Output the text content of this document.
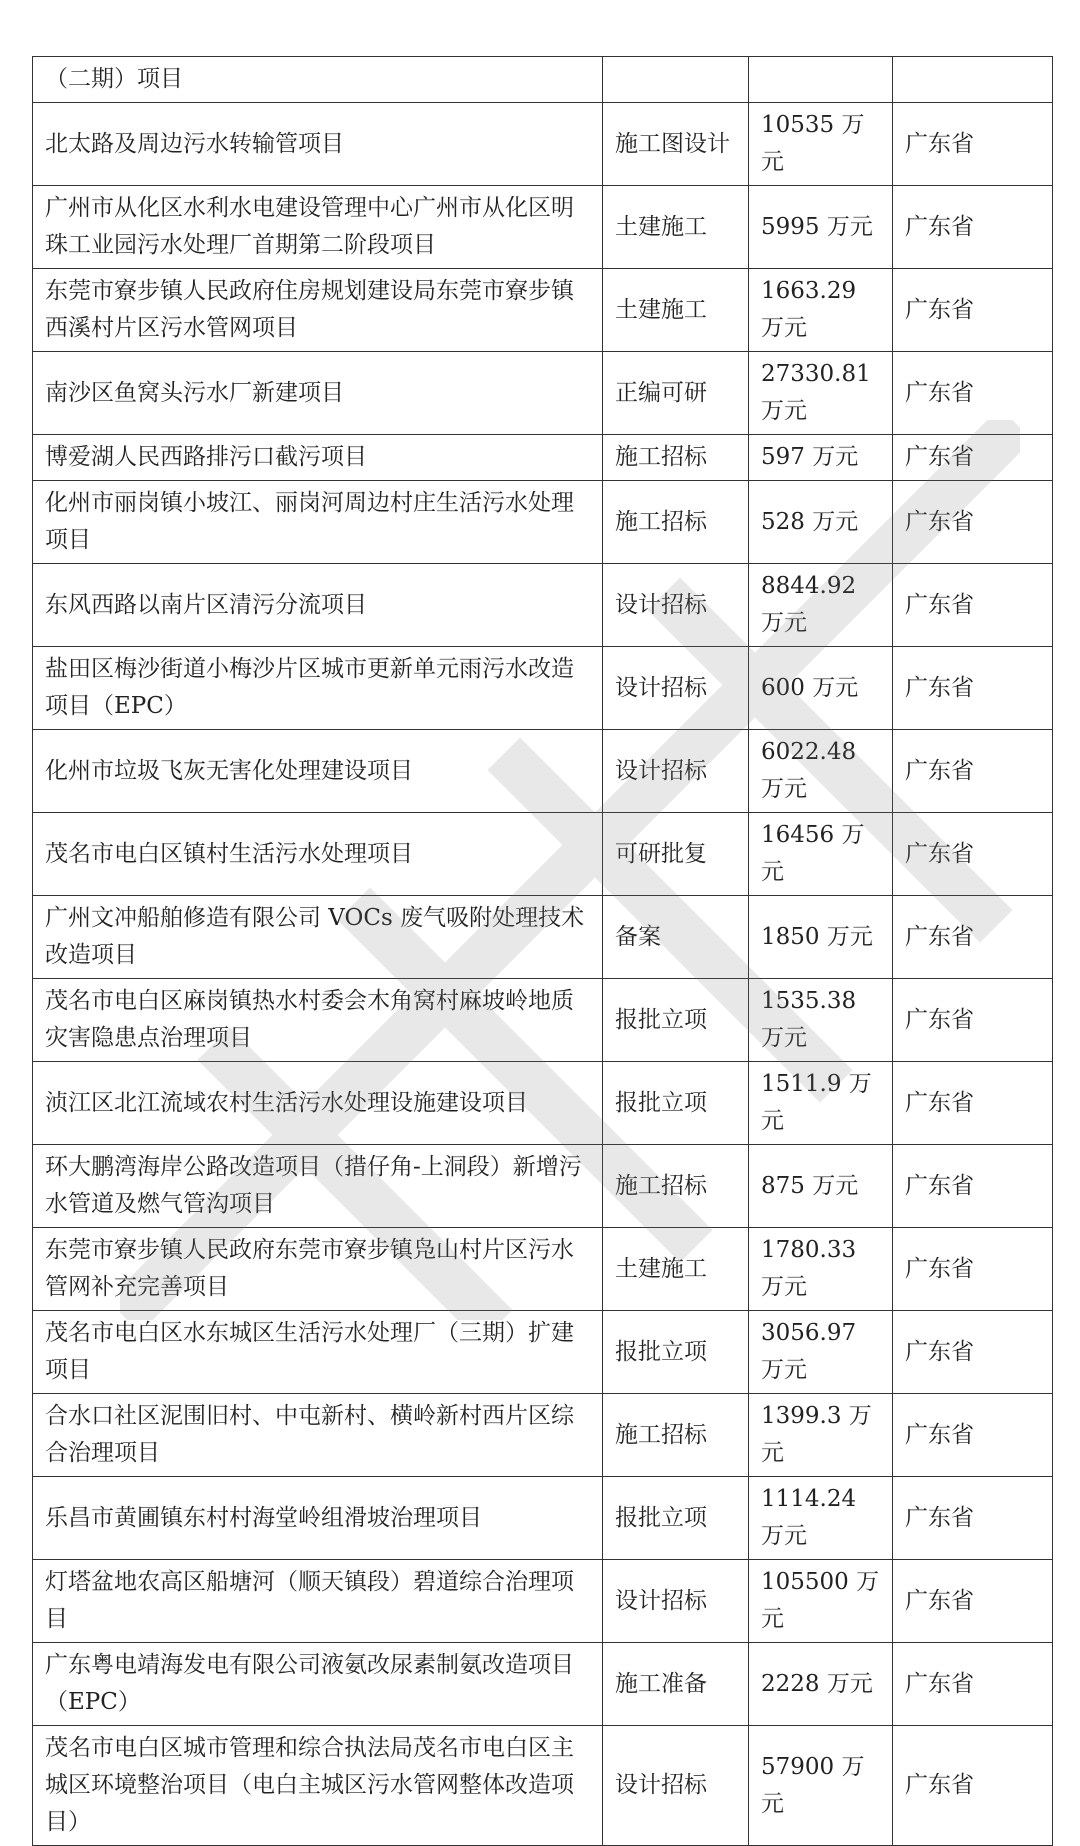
（二期）项目			

北太路及周边污水转输管项目	施工图设计	10535 万元	广东省

广州市从化区水利水电建设管理中心广州市从化区明珠工业园污水处理厂首期第二阶段项目	土建施工	5995 万元	广东省

东莞市寮步镇人民政府住房规划建设局东莞市寮步镇西溪村片区污水管网项目	土建施工	1663.29 万元	广东省

南沙区鱼窝头污水厂新建项目	正编可研	27330.81 万元	广东省

博爱湖人民西路排污口截污项目	施工招标	597 万元	广东省

化州市丽岗镇小坡江、丽岗河周边村庄生活污水处理项目	施工招标	528 万元	广东省

东风西路以南片区清污分流项目	设计招标	8844.92 万元	广东省

盐田区梅沙街道小梅沙片区城市更新单元雨污水改造项目（EPC）	设计招标	600 万元	广东省

化州市垃圾飞灰无害化处理建设项目	设计招标	6022.48 万元	广东省

茂名市电白区镇村生活污水处理项目	可研批复	16456 万元	广东省

广州文冲船舶修造有限公司 VOCs 废气吸附处理技术改造项目	备案	1850 万元	广东省

茂名市电白区麻岗镇热水村委会木角窝村麻坡岭地质灾害隐患点治理项目	报批立项	1535.38 万元	广东省

浈江区北江流域农村生活污水处理设施建设项目	报批立项	1511.9 万元	广东省

环大鹏湾海岸公路改造项目（措仔角-上洞段）新增污水管道及燃气管沟项目	施工招标	875 万元	广东省

东莞市寮步镇人民政府东莞市寮步镇凫山村片区污水管网补充完善项目	土建施工	1780.33 万元	广东省

茂名市电白区水东城区生活污水处理厂（三期）扩建项目	报批立项	3056.97 万元	广东省

合水口社区泥围旧村、中屯新村、横岭新村西片区综合治理项目	施工招标	1399.3 万元	广东省

乐昌市黄圃镇东村村海堂岭组滑坡治理项目	报批立项	1114.24 万元	广东省

灯塔盆地农高区船塘河（顺天镇段）碧道综合治理项目	设计招标	105500 万元	广东省

广东粤电靖海发电有限公司液氨改尿素制氨改造项目（EPC）	施工准备	2228 万元	广东省

茂名市电白区城市管理和综合执法局茂名市电白区主城区环境整治项目（电白主城区污水管网整体改造项目）	设计招标	57900 万元	广东省
